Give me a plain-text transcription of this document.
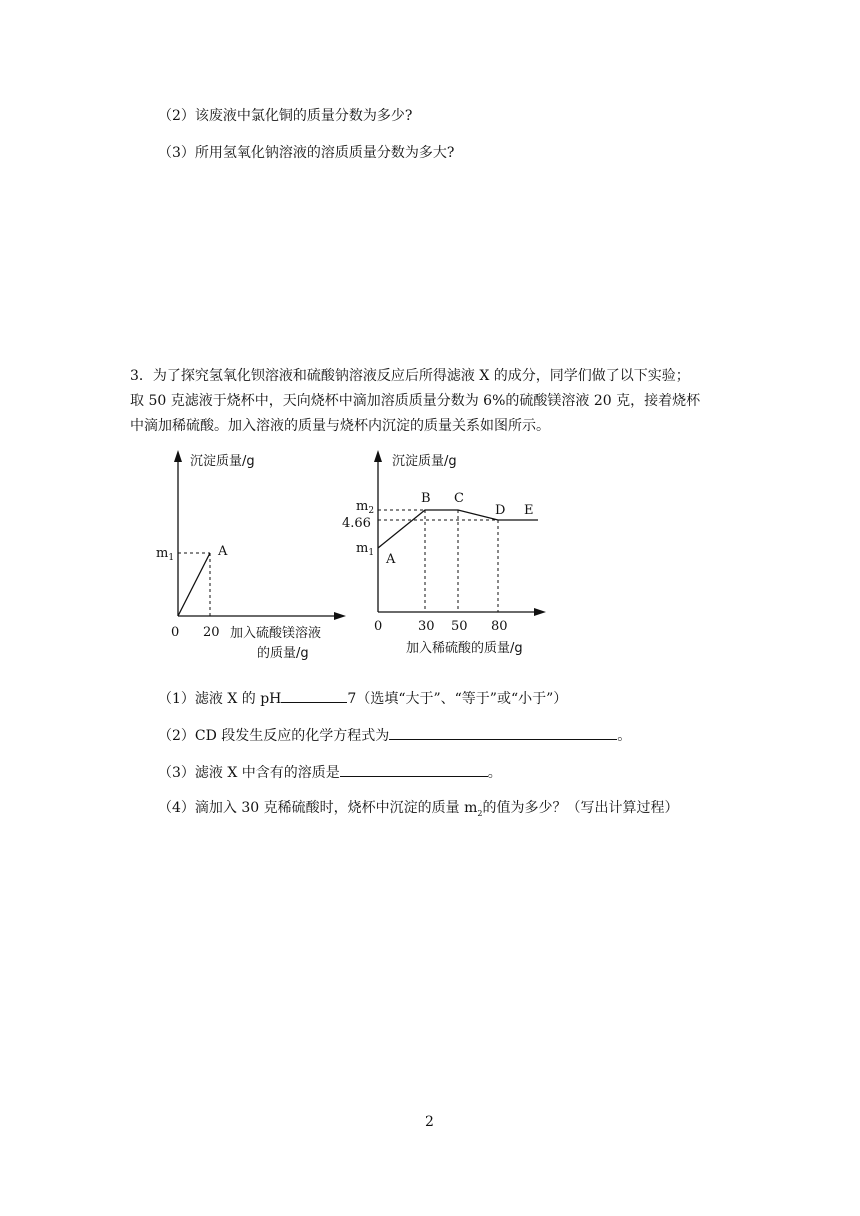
（2）该废液中氯化铜的质量分数为多少?
（3）所用氢氧化钠溶液的溶质质量分数为多大?
3．为了探究氢氧化钡溶液和硫酸钠溶液反应后所得滤液 X 的成分，同学们做了以下实验；
取 50 克滤液于烧杯中，天向烧杯中滴加溶质质量分数为 6%的硫酸镁溶液 20 克，接着烧杯
中滴加稀硫酸。加入溶液的质量与烧杯内沉淀的质量关系如图所示。
沉淀质量/g
A
$m_1$
0 20 加入硫酸镁溶液
的质量/g
沉淀质量/g
A
B C
D E
$m_2$
4.66
$m_1$
0	30 50 80
加入稀硫酸的质量/g
（1）滤液 X 的 pH	7（选填“大于”、“等于”或“小于”）
（2）CD 段发生反应的化学方程式为	。
（3）滤液 X 中含有的溶质是	。
（4）滴加入 30 克稀硫酸时，烧杯中沉淀的质量 $m_2$的值为多少？（写出计算过程）
2
